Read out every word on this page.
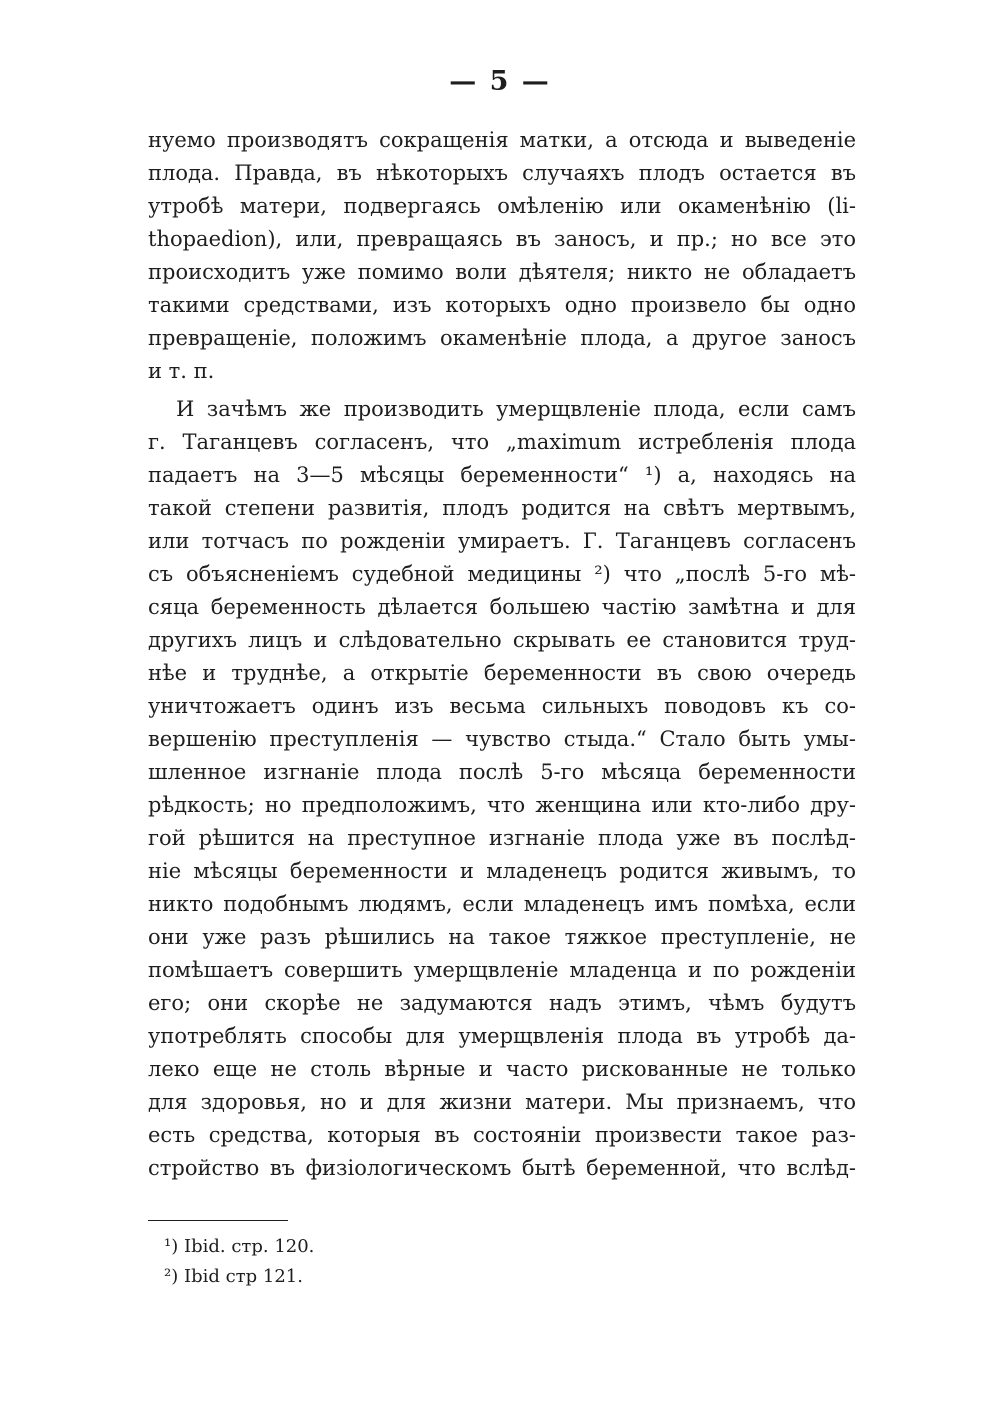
— 5 —
нуемо производятъ сокращенія матки, а отсюда и выведеніе
плода. Правда, въ нѣкоторыхъ случаяхъ плодъ остается въ
утробѣ матери, подвергаясь омѣленію или окаменѣнію (li-
thopaedion), или, превращаясь въ заносъ, и пр.; но все это
происходитъ уже помимо воли дѣятеля; никто не обладаетъ
такими средствами, изъ которыхъ одно произвело бы одно
превращеніе, положимъ окаменѣніе плода, а другое заносъ
и т. п.
И зачѣмъ же производить умерщвленіе плода, если самъ
г. Таганцевъ согласенъ, что „maximum истребленія плода
падаетъ на 3—5 мѣсяцы беременности“ ¹) а, находясь на
такой степени развитія, плодъ родится на свѣтъ мертвымъ,
или тотчасъ по рожденіи умираетъ. Г. Таганцевъ согласенъ
съ объясненіемъ судебной медицины ²) что „послѣ 5-го мѣ-
сяца беременность дѣлается большею частію замѣтна и для
другихъ лицъ и слѣдовательно скрывать ее становится труд-
нѣе и труднѣе, а открытіе беременности въ свою очередь
уничтожаетъ одинъ изъ весьма сильныхъ поводовъ къ со-
вершенію преступленія — чувство стыда.“ Стало быть умы-
шленное изгнаніе плода послѣ 5-го мѣсяца беременности
рѣдкость; но предположимъ, что женщина или кто-либо дру-
гой рѣшится на преступное изгнаніе плода уже въ послѣд-
ніе мѣсяцы беременности и младенецъ родится живымъ, то
никто подобнымъ людямъ, если младенецъ имъ помѣха, если
они уже разъ рѣшились на такое тяжкое преступленіе, не
помѣшаетъ совершить умерщвленіе младенца и по рожденіи
его; они скорѣе не задумаются надъ этимъ, чѣмъ будутъ
употреблять способы для умерщвленія плода въ утробѣ да-
леко еще не столь вѣрные и часто рискованные не только
для здоровья, но и для жизни матери. Мы признаемъ, что
есть средства, которыя въ состояніи произвести такое раз-
стройство въ физіологическомъ бытѣ беременной, что вслѣд-
¹) Ibid. стр. 120.
²) Ibid стр 121.
